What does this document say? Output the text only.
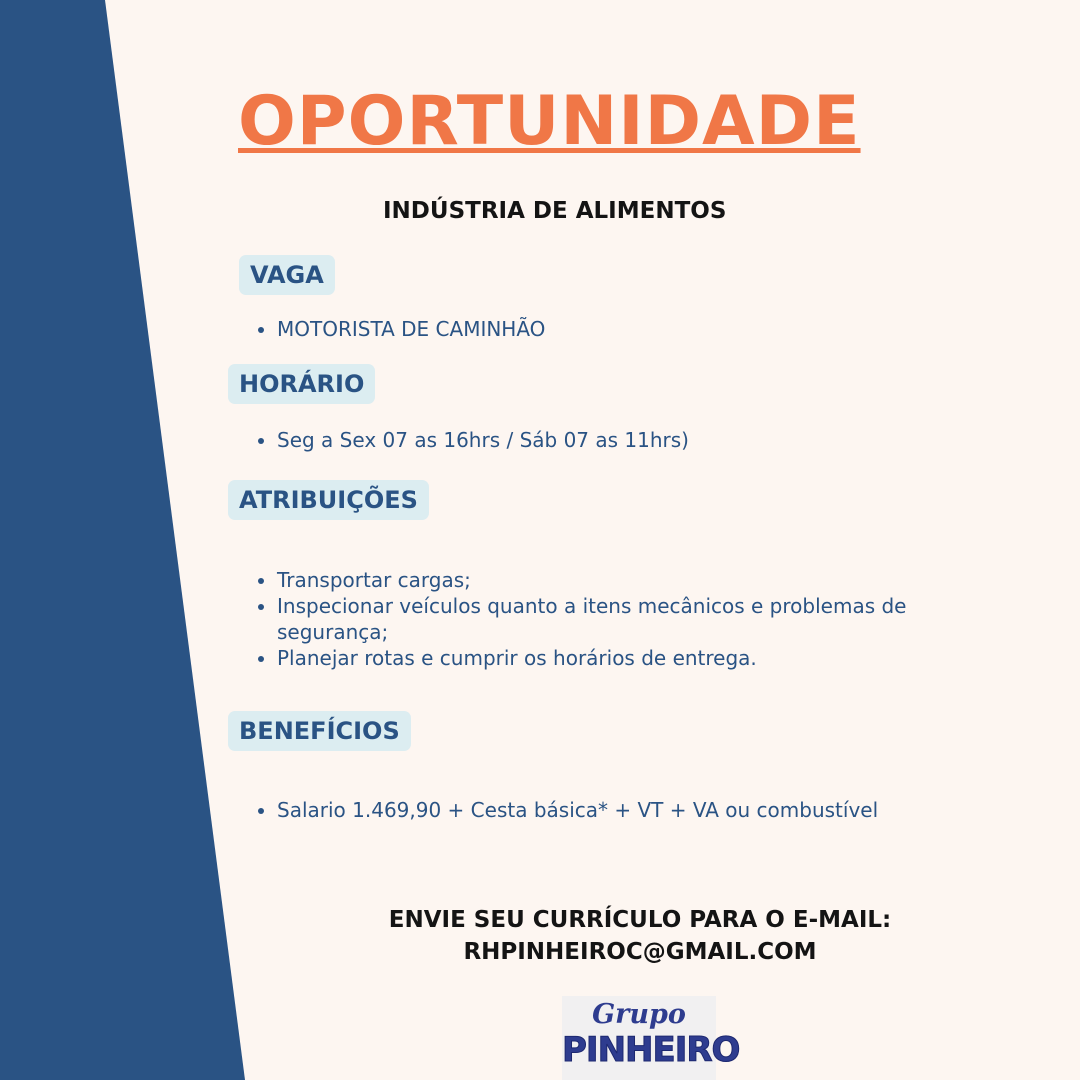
OPORTUNIDADE
INDÚSTRIA DE ALIMENTOS
VAGA
• MOTORISTA DE CAMINHÃO
HORÁRIO
• Seg a Sex 07 as 16hrs / Sáb 07 as 11hrs)
ATRIBUIÇÕES
• Transportar cargas;
• Inspecionar veículos quanto a itens mecânicos e problemas de segurança;
• Planejar rotas e cumprir os horários de entrega.
BENEFÍCIOS
• Salario 1.469,90 + Cesta básica* + VT + VA ou combustível
ENVIE SEU CURRÍCULO PARA O E-MAIL:
RHPINHEIROC@GMAIL.COM
Grupo
PINHEIRO
